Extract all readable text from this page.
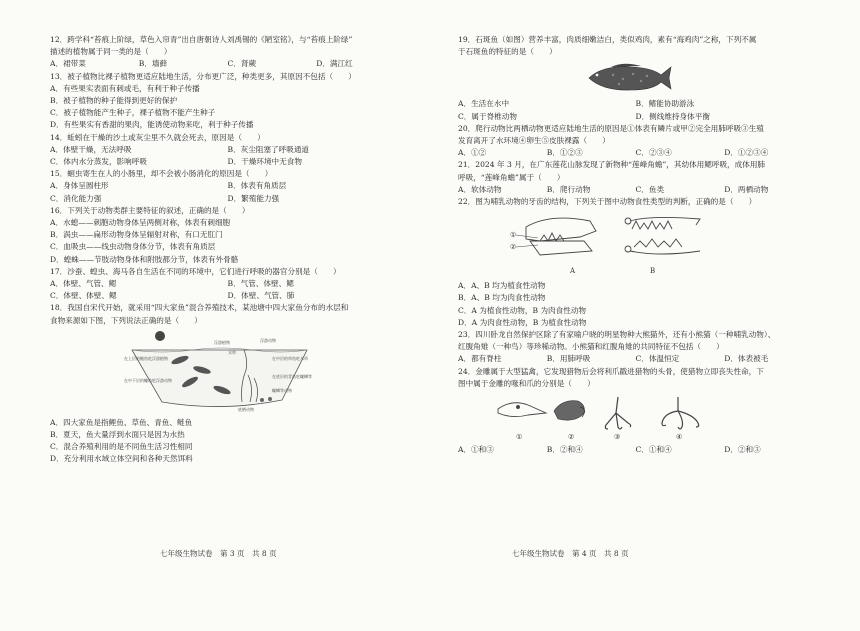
12．跨学科“苔痕上阶绿，草色入帘青”出自唐朝诗人刘禹锡的《陋室铭》，与“苔痕上阶绿”

描述的植物属于同一类的是（　　）

A．裙带菜	B．墙藓	C．肾蕨	D．满江红

13．被子植物比裸子植物更适应陆地生活，分布更广泛，种类更多，其原因不包括（　　）

A．有些果实表面有刺或毛，有利于种子传播
B．被子植物的种子能得到更好的保护
C．被子植物能产生种子，裸子植物不能产生种子
D．有些果实有香甜的果肉，能诱使动物来吃，利于种子传播

14．蚯蚓在干燥的沙土或灰尘里不久就会死去，原因是（　　）

A．体壁干燥，无法呼吸	B．灰尘阻塞了呼吸通道
C．体内水分蒸发，影响呼吸	D．干燥环境中无食物

15．蛔虫寄生在人的小肠里，却不会被小肠消化的原因是（　　）

A．身体呈圆柱形	B．体表有角质层
C．消化能力强	D．繁殖能力强

16．下列关于动物类群主要特征的叙述，正确的是（　　）

A．水螅——刺胞动物身体呈两侧对称，体表有刺细胞
B．涡虫——扁形动物身体呈辐射对称，有口无肛门
C．血吸虫——线虫动物身体分节，体表有角质层
D．蝗蛛——节肢动物身体和附肢都分节，体表有外骨骼

17．沙蚕、蝗虫、海马各自生活在不同的环境中，它们进行呼吸的器官分别是（　　）

A．体壁、气管、鳃	B．气管、体壁、鳃
C．体壁、体壁、鳃	D．体壁、气管、肺

18．我国自宋代开始，就采用“四大家鱼”混合养殖技术，某池塘中四大家鱼分布的水层和

食物来源如下图，下列说法正确的是（　　）

浮游植物	浮游动物
在上层的鲢鱼吃浮游植物	在中层的草鱼吃水草
在中下层的鳙鱼吃浮游动物
在底层的青鱼吃螺蛳等
底栖动物
水草
螺蛳等动物
A．四大家鱼是指鲤鱼、草鱼、青鱼、鲢鱼
B．夏天，鱼大量浮到水面只是因为水热
C．混合养殖利用的是不同鱼生活习性相同
D．充分利用水域立体空间和各种天然饵料
七年级生物试卷　第 3 页　共 8 页

19．石斑鱼（如图）营养丰富，肉质细嫩洁白，类似鸡肉，素有“海鸡肉”之称，下列不属

于石斑鱼的特征的是（　　）

A．生活在水中	B．鳍能协助游泳
C．属于脊椎动物	D．侧线维持身体平衡

20．爬行动物比两栖动物更适应陆地生活的原因是①体表有鳞片或甲②完全用肺呼吸③生殖

发育离开了水环境④卵生⑤皮肤裸露（　　）

A．①②	B．①②③	C．②③④	D．①②③④

21．2024 年 3 月，在广东莲花山脉发现了新物种“莲峰角蟾”，其幼体用鳃呼吸，成体用肺

呼吸，“莲峰角蟾”属于（　　）

A．软体动物	B．爬行动物	C．鱼类	D．两栖动物

22．图为哺乳动物的牙齿的结构，下列关于图中动物食性类型的判断，正确的是（　　）

①
②
A	B
A．A、B 均为植食性动物
B．A、B 均为肉食性动物
C．A 为植食性动物，B 为肉食性动物
D．A 为肉食性动物，B 为植食性动物

23．四川卧龙自然保护区除了有家喻户晓的明星物种大熊猫外，还有小熊猫（一种哺乳动物）、

红腹角雉（一种鸟）等珍稀动物。小熊猫和红腹角雉的共同特征不包括（　　）

A．都有脊柱	B．用肺呼吸	C．体温恒定	D．体表被毛

24．金雕属于大型猛禽，它发现猎物后会将利爪戳进猎物的头骨，使猎物立即丧失性命，下

图中属于金雕的喙和爪的分别是（　　）

①	②	③	④
A．①和③	B．②和④	C．①和④	D．②和③
七年级生物试卷　第 4 页　共 8 页
